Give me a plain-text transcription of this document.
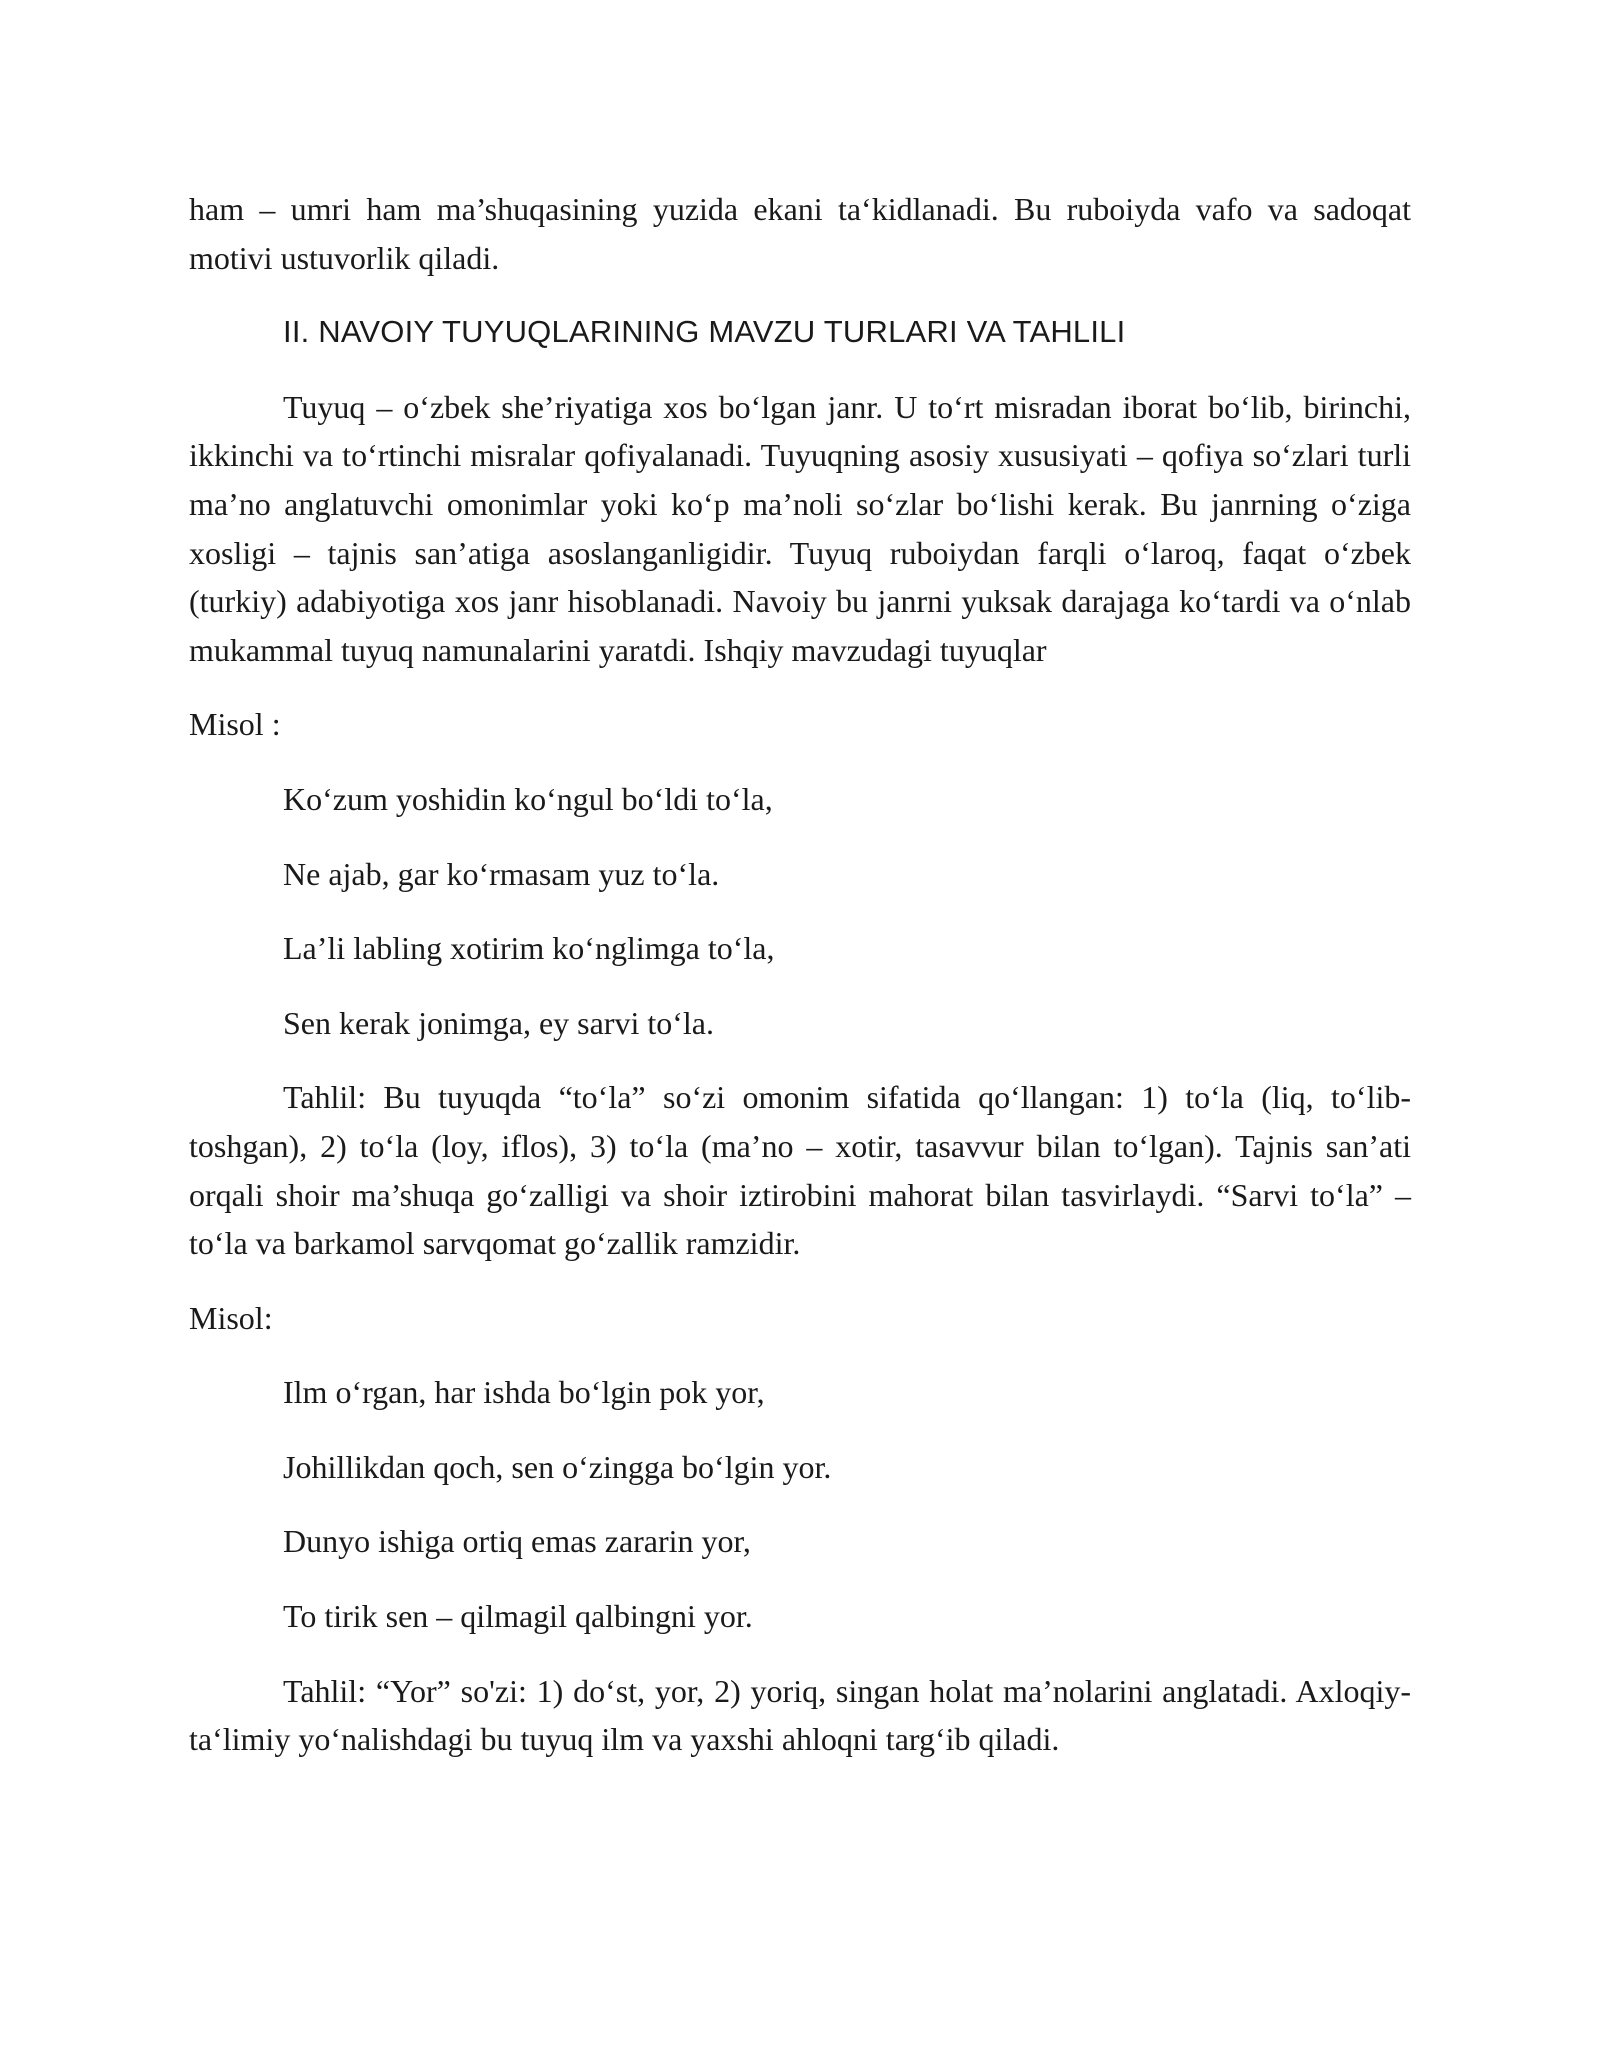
ham – umri ham ma’shuqasining yuzida ekani ta‘kidlanadi. Bu ruboiyda vafo va sadoqat motivi ustuvorlik qiladi.

II. NAVOIY TUYUQLARINING MAVZU TURLARI VA TAHLILI

Tuyuq – o‘zbek she’riyatiga xos bo‘lgan janr. U to‘rt misradan iborat bo‘lib, birinchi, ikkinchi va to‘rtinchi misralar qofiyalanadi. Tuyuqning asosiy xususiyati – qofiya so‘zlari turli ma’no anglatuvchi omonimlar yoki ko‘p ma’noli so‘zlar bo‘lishi kerak. Bu janrning o‘ziga xosligi – tajnis san’atiga asoslanganligidir. Tuyuq ruboiydan farqli o‘laroq, faqat o‘zbek (turkiy) adabiyotiga xos janr hisoblanadi. Navoiy bu janrni yuksak darajaga ko‘tardi va o‘nlab mukammal tuyuq namunalarini yaratdi. Ishqiy mavzudagi tuyuqlar

Misol :

Ko‘zum yoshidin ko‘ngul bo‘ldi to‘la,

Ne ajab, gar ko‘rmasam yuz to‘la.

La’li labling xotirim ko‘nglimga to‘la,

Sen kerak jonimga, ey sarvi to‘la.

Tahlil: Bu tuyuqda “to‘la” so‘zi omonim sifatida qo‘llangan: 1) to‘la (liq, to‘lib-toshgan), 2) to‘la (loy, iflos), 3) to‘la (ma’no – xotir, tasavvur bilan to‘lgan). Tajnis san’ati orqali shoir ma’shuqa go‘zalligi va shoir iztirobini mahorat bilan tasvirlaydi. “Sarvi to‘la” – to‘la va barkamol sarvqomat go‘zallik ramzidir.

Misol:

Ilm o‘rgan, har ishda bo‘lgin pok yor,

Johillikdan qoch, sen o‘zingga bo‘lgin yor.

Dunyo ishiga ortiq emas zararin yor,

To tirik sen – qilmagil qalbingni yor.

Tahlil: “Yor” so'zi: 1) do‘st, yor, 2) yoriq, singan holat ma’nolarini anglatadi. Axloqiy-ta‘limiy yo‘nalishdagi bu tuyuq ilm va yaxshi ahloqni targ‘ib qiladi.
